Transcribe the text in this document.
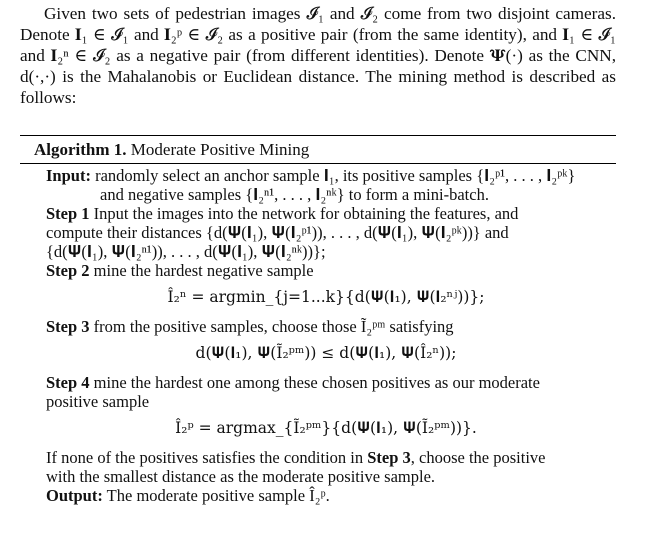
Given two sets of pedestrian images 𝓘₁ and 𝓘₂ come from two disjoint cameras. Denote 𝐈₁ ∈ 𝓘₁ and 𝐈₂ᵖ ∈ 𝓘₂ as a positive pair (from the same identity), and 𝐈₁ ∈ 𝓘₁ and 𝐈₂ⁿ ∈ 𝓘₂ as a negative pair (from different identities). Denote 𝚿(·) as the CNN, d(·,·) is the Mahalanobis or Euclidean distance. The mining method is described as follows:

Algorithm 1. Moderate Positive Mining
Input: randomly select an anchor sample 𝐈₁, its positive samples {𝐈₂ᵖ¹, . . . , 𝐈₂ᵖᵏ}
and negative samples {𝐈₂ⁿ¹, . . . , 𝐈₂ⁿᵏ} to form a mini-batch.
Step 1 Input the images into the network for obtaining the features, and
compute their distances {d(𝚿(𝐈₁), 𝚿(𝐈₂ᵖ¹)), . . . , d(𝚿(𝐈₁), 𝚿(𝐈₂ᵖᵏ))} and
{d(𝚿(𝐈₁), 𝚿(𝐈₂ⁿ¹)), . . . , d(𝚿(𝐈₁), 𝚿(𝐈₂ⁿᵏ))};
Step 2 mine the hardest negative sample
Î₂ⁿ = argmin_{j=1...k}{d(𝚿(𝐈₁), 𝚿(𝐈₂ⁿʲ))};
Step 3 from the positive samples, choose those Ĩ₂ᵖᵐ satisfying
d(𝚿(𝐈₁), 𝚿(Ĩ₂ᵖᵐ)) ≤ d(𝚿(𝐈₁), 𝚿(Î₂ⁿ));
Step 4 mine the hardest one among these chosen positives as our moderate
positive sample
Î₂ᵖ = argmax_{Ĩ₂ᵖᵐ}{d(𝚿(𝐈₁), 𝚿(Ĩ₂ᵖᵐ))}.
If none of the positives satisfies the condition in Step 3, choose the positive
with the smallest distance as the moderate positive sample.
Output: The moderate positive sample Î₂ᵖ.
